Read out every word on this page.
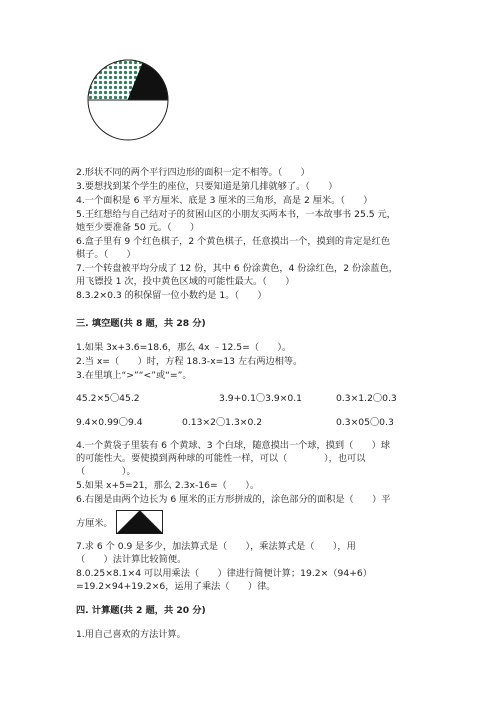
2.形状不同的两个平行四边形的面积一定不相等。（　　）
3.要想找到某个学生的座位，只要知道是第几排就够了。（　　）
4.一个面积是 6 平方厘米、底是 3 厘米的三角形，高是 2 厘米。（　　）
5.王红想给与自己结对子的贫困山区的小朋友买两本书，一本故事书 25.5 元，
她至少要准备 50 元。（　　）
6.盒子里有 9 个红色棋子，2 个黄色棋子，任意摸出一个，摸到的肯定是红色
棋子。（　　）
7.一个转盘被平均分成了 12 份，其中 6 份涂黄色，4 份涂红色，2 份涂蓝色，
用飞镖投 1 次，投中黄色区域的可能性最大。（　　）
8.3.2×0.3 的积保留一位小数约是 1。（　　）
三. 填空题(共 8 题，共 28 分)
1.如果 3x+3.6=18.6，那么 4x ﹣12.5=（　　）。
2.当 x=（　　）时，方程 18.3-x=13 左右两边相等。
3.在里填上“>”“<”或“=”。
45.2×5〇45.2	3.9+0.1〇3.9×0.1	0.3×1.2〇0.3
9.4×0.99〇9.4	0.13×2〇1.3×0.2	0.3×05〇0.3
4.一个黄袋子里装有 6 个黄球、3 个白球，随意摸出一个球，摸到（　　）球
的可能性大。要使摸到两种球的可能性一样，可以（　　　　），也可以
（　　　　）。
5.如果 x+5=21，那么 2.3x-16=（　　）。
6.右图是由两个边长为 6 厘米的正方形拼成的，涂色部分的面积是（　　）平
方厘米。
7.求 6 个 0.9 是多少，加法算式是（　　），乘法算式是（　　），用
（　　）法计算比较简便。
8.0.25×8.1×4 可以用乘法（　　）律进行简便计算；19.2×（94+6）
=19.2×94+19.2×6，运用了乘法（　　）律。
四. 计算题(共 2 题，共 20 分)
1.用自己喜欢的方法计算。
